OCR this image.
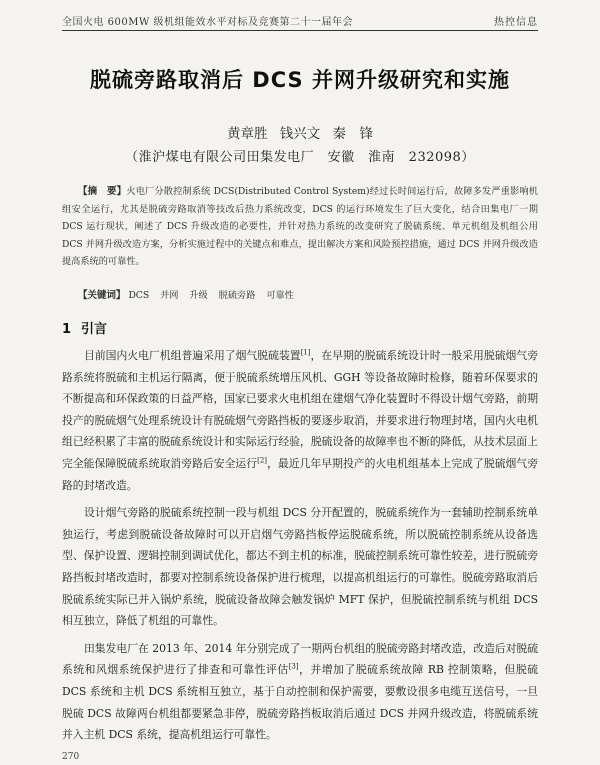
全国火电 600MW 级机组能效水平对标及竞赛第二十一届年会	热控信息
脱硫旁路取消后 DCS 并网升级研究和实施
黄章胜 钱兴文 秦　锋
（淮沪煤电有限公司田集发电厂　安徽　淮南　232098）
【摘　要】火电厂分散控制系统 DCS(Distributed Control System)经过长时间运行后，故障多发严重影响机组安全运行，尤其是脱硫旁路取消等技改后热力系统改变，DCS 的运行环境发生了巨大变化，结合田集电厂一期 DCS 运行现状，阐述了 DCS 升级改造的必要性，并针对热力系统的改变研究了脱硫系统、单元机组及机组公用 DCS 并网升级改造方案，分析实施过程中的关键点和难点，提出解决方案和风险预控措施，通过 DCS 并网升级改造提高系统的可靠性。
【关键词】 DCS 并网 升级 脱硫旁路 可靠性
1 引言

目前国内火电厂机组普遍采用了烟气脱硫装置[1]，在早期的脱硫系统设计时一般采用脱硫烟气旁路系统将脱硫和主机运行隔离，便于脱硫系统增压风机、GGH 等设备故障时检修，随着环保要求的不断提高和环保政策的日益严格，国家已要求火电机组在建烟气净化装置时不得设计烟气旁路，前期投产的脱硫烟气处理系统设计有脱硫烟气旁路挡板的要逐步取消，并要求进行物理封堵，国内火电机组已经积累了丰富的脱硫系统设计和实际运行经验，脱硫设备的故障率也不断的降低，从技术层面上完全能保障脱硫系统取消旁路后安全运行[2]，最近几年早期投产的火电机组基本上完成了脱硫烟气旁路的封堵改造。

设计烟气旁路的脱硫系统控制一段与机组 DCS 分开配置的，脱硫系统作为一套辅助控制系统单独运行，考虑到脱硫设备故障时可以开启烟气旁路挡板停运脱硫系统，所以脱硫控制系统从设备选型、保护设置、逻辑控制到调试优化，都达不到主机的标准，脱硫控制系统可靠性较差，进行脱硫旁路挡板封堵改造时，都要对控制系统设备保护进行梳理，以提高机组运行的可靠性。脱硫旁路取消后脱硫系统实际已并入锅炉系统，脱硫设备故障会触发锅炉 MFT 保护，但脱硫控制系统与机组 DCS 相互独立，降低了机组的可靠性。

田集发电厂在 2013 年、2014 年分别完成了一期两台机组的脱硫旁路封堵改造，改造后对脱硫系统和风烟系统保护进行了排查和可靠性评估[3]，并增加了脱硫系统故障 RB 控制策略，但脱硫 DCS 系统和主机 DCS 系统相互独立，基于自动控制和保护需要，要敷设很多电缆互送信号，一旦脱硫 DCS 故障两台机组都要紧急非停，脱硫旁路挡板取消后通过 DCS 并网升级改造，将脱硫系统并入主机 DCS 系统，提高机组运行可靠性。

270
